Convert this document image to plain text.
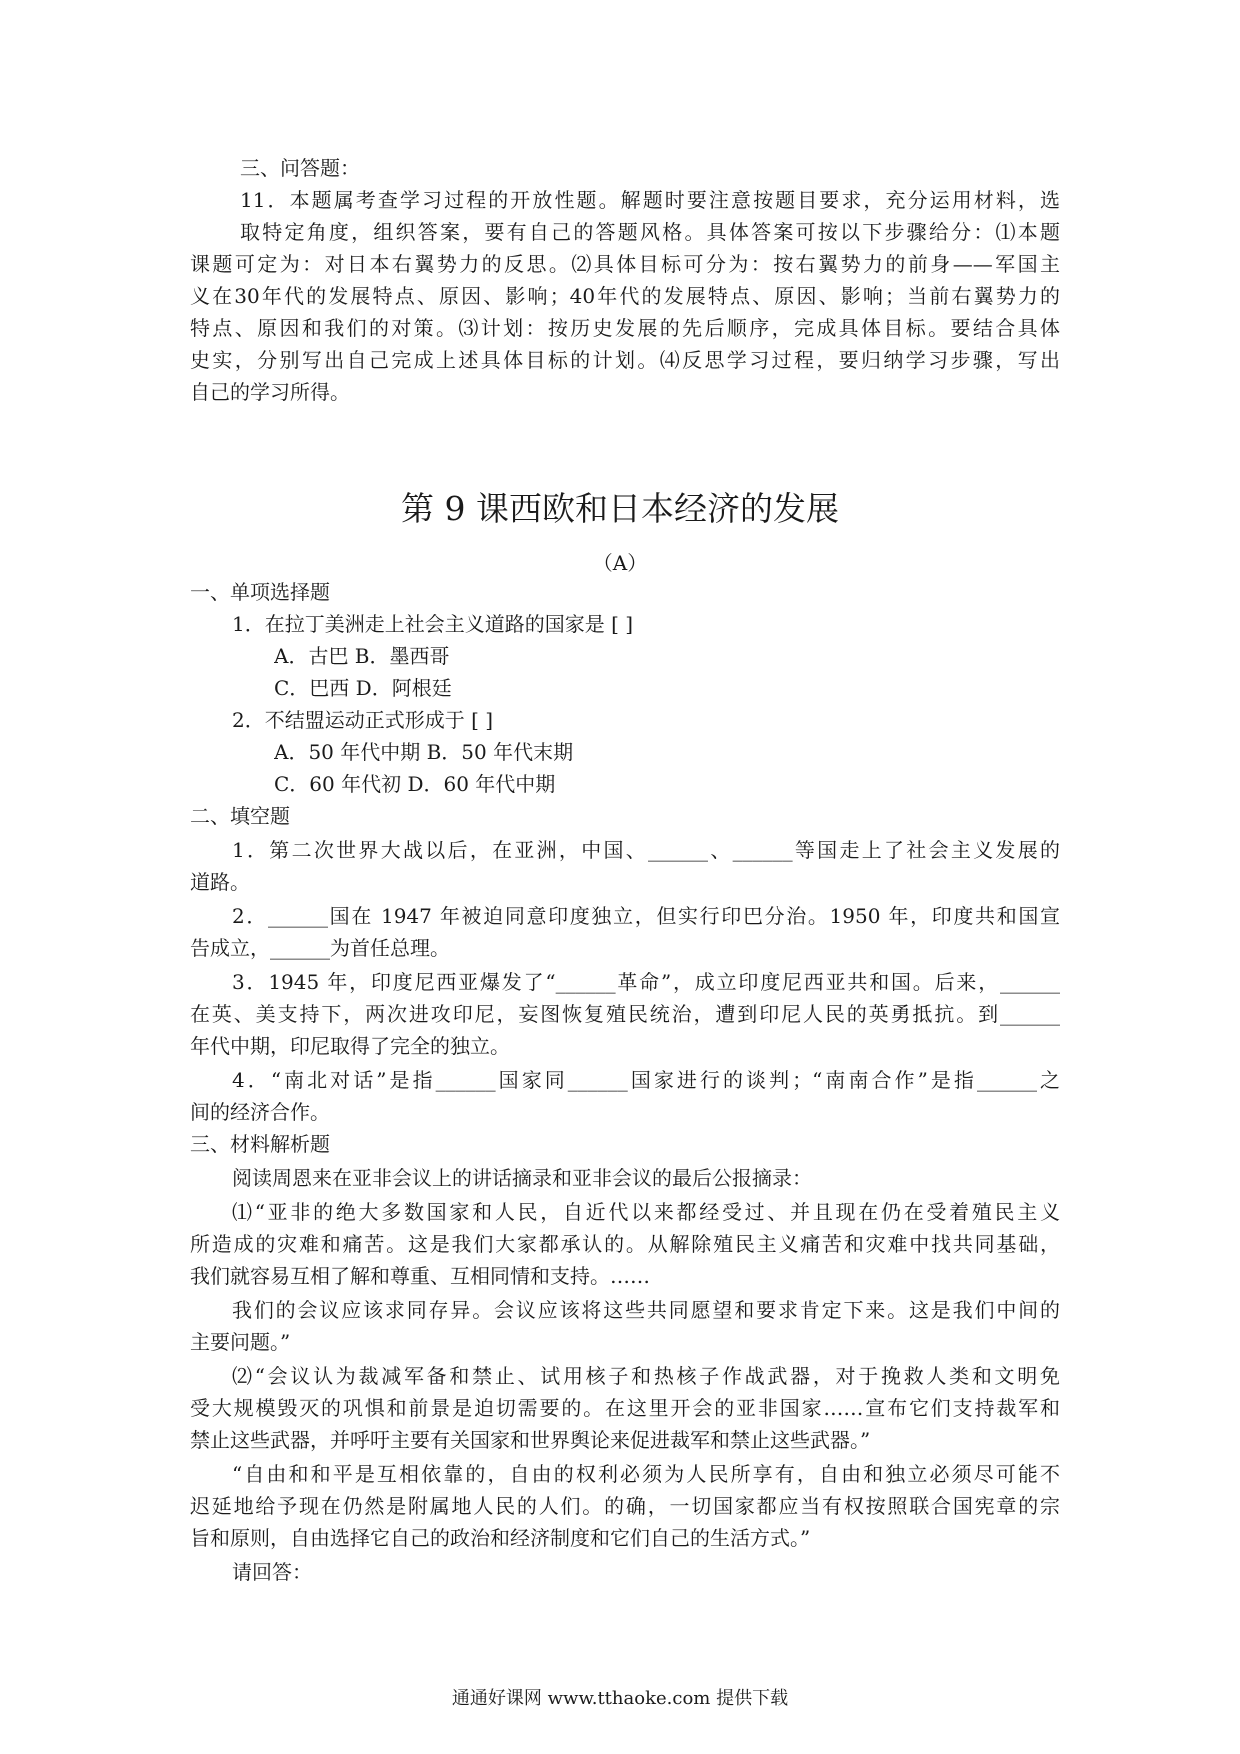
三、问答题：
11．本题属考查学习过程的开放性题。解题时要注意按题目要求，充分运用材料，选
取特定角度，组织答案，要有自己的答题风格。具体答案可按以下步骤给分：⑴本题
课题可定为：对日本右翼势力的反思。⑵具体目标可分为：按右翼势力的前身——军国主
义在30年代的发展特点、原因、影响；40年代的发展特点、原因、影响；当前右翼势力的
特点、原因和我们的对策。⑶计划：按历史发展的先后顺序，完成具体目标。要结合具体
史实，分别写出自己完成上述具体目标的计划。⑷反思学习过程，要归纳学习步骤，写出
自己的学习所得。
第 9 课西欧和日本经济的发展
（A）
一、单项选择题
1．在拉丁美洲走上社会主义道路的国家是 [ ]
A．古巴 B．墨西哥
C．巴西 D．阿根廷
2．不结盟运动正式形成于 [ ]
A．50 年代中期 B．50 年代末期
C．60 年代初 D．60 年代中期
二、填空题
1．第二次世界大战以后，在亚洲，中国、______、______等国走上了社会主义发展的
道路。
2．______国在 1947 年被迫同意印度独立，但实行印巴分治。1950 年，印度共和国宣
告成立，______为首任总理。
3．1945 年，印度尼西亚爆发了“______革命”，成立印度尼西亚共和国。后来，______
在英、美支持下，两次进攻印尼，妄图恢复殖民统治，遭到印尼人民的英勇抵抗。到______
年代中期，印尼取得了完全的独立。
4．“南北对话”是指______国家同______国家进行的谈判；“南南合作”是指______之
间的经济合作。
三、材料解析题
阅读周恩来在亚非会议上的讲话摘录和亚非会议的最后公报摘录：
⑴“亚非的绝大多数国家和人民，自近代以来都经受过、并且现在仍在受着殖民主义
所造成的灾难和痛苦。这是我们大家都承认的。从解除殖民主义痛苦和灾难中找共同基础，
我们就容易互相了解和尊重、互相同情和支持。……
我们的会议应该求同存异。会议应该将这些共同愿望和要求肯定下来。这是我们中间的
主要问题。”
⑵“会议认为裁减军备和禁止、试用核子和热核子作战武器，对于挽救人类和文明免
受大规模毁灭的巩惧和前景是迫切需要的。在这里开会的亚非国家……宣布它们支持裁军和
禁止这些武器，并呼吁主要有关国家和世界舆论来促进裁军和禁止这些武器。”
“自由和和平是互相依靠的，自由的权利必须为人民所享有，自由和独立必须尽可能不
迟延地给予现在仍然是附属地人民的人们。的确，一切国家都应当有权按照联合国宪章的宗
旨和原则，自由选择它自己的政治和经济制度和它们自己的生活方式。”
请回答：
通通好课网 www.tthaoke.com 提供下载
